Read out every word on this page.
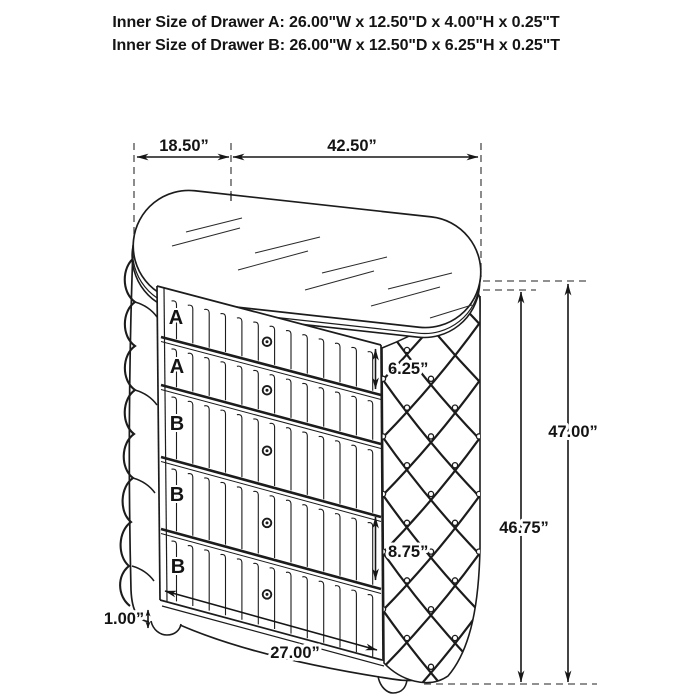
Inner Size of Drawer A: 26.00"W x 12.50"D x 4.00"H x 0.25"T
Inner Size of Drawer B: 26.00"W x 12.50"D x 6.25"H x 0.25"T
A
A
B
B
B
18.50”	42.50”
6.25”
8.75”
47.00”
46.75”
27.00”
1.00”
